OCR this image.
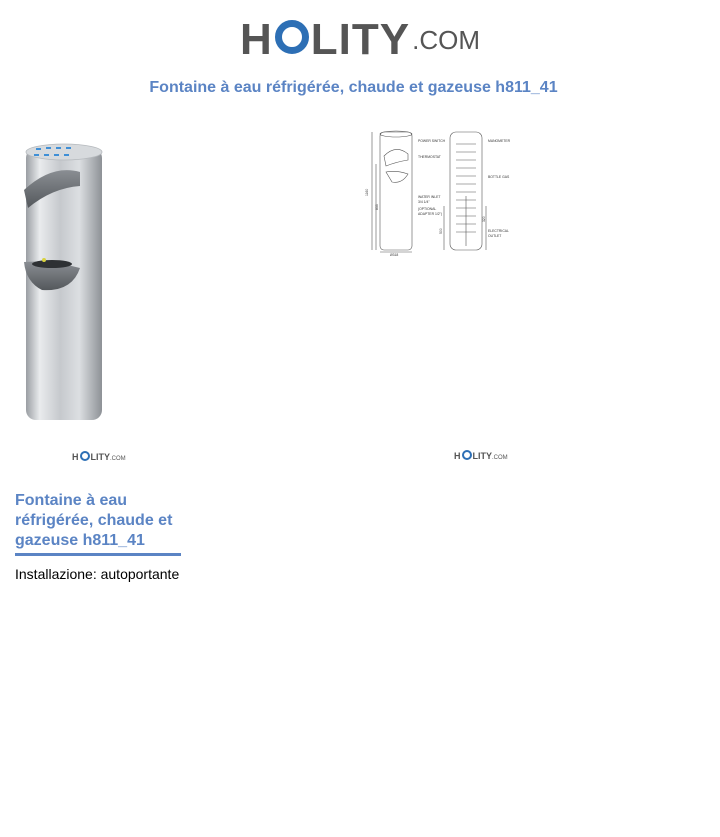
H LITY .COM
Fontaine à eau réfrigérée, chaude et gazeuse h811_41
POWER SWITCH
THERMOSTAT
MANOMETER
BOTTLE GAS
WATER INLET
3/4 1/4"
(OPTIONAL
ADAPTER 1/2")
ELECTRICAL
OUTLET
1160
833
500
320
Ø318
H LITY.COM	H LITY.COM
Fontaine à eau réfrigérée, chaude et gazeuse h811_41
Installazione: autoportante
